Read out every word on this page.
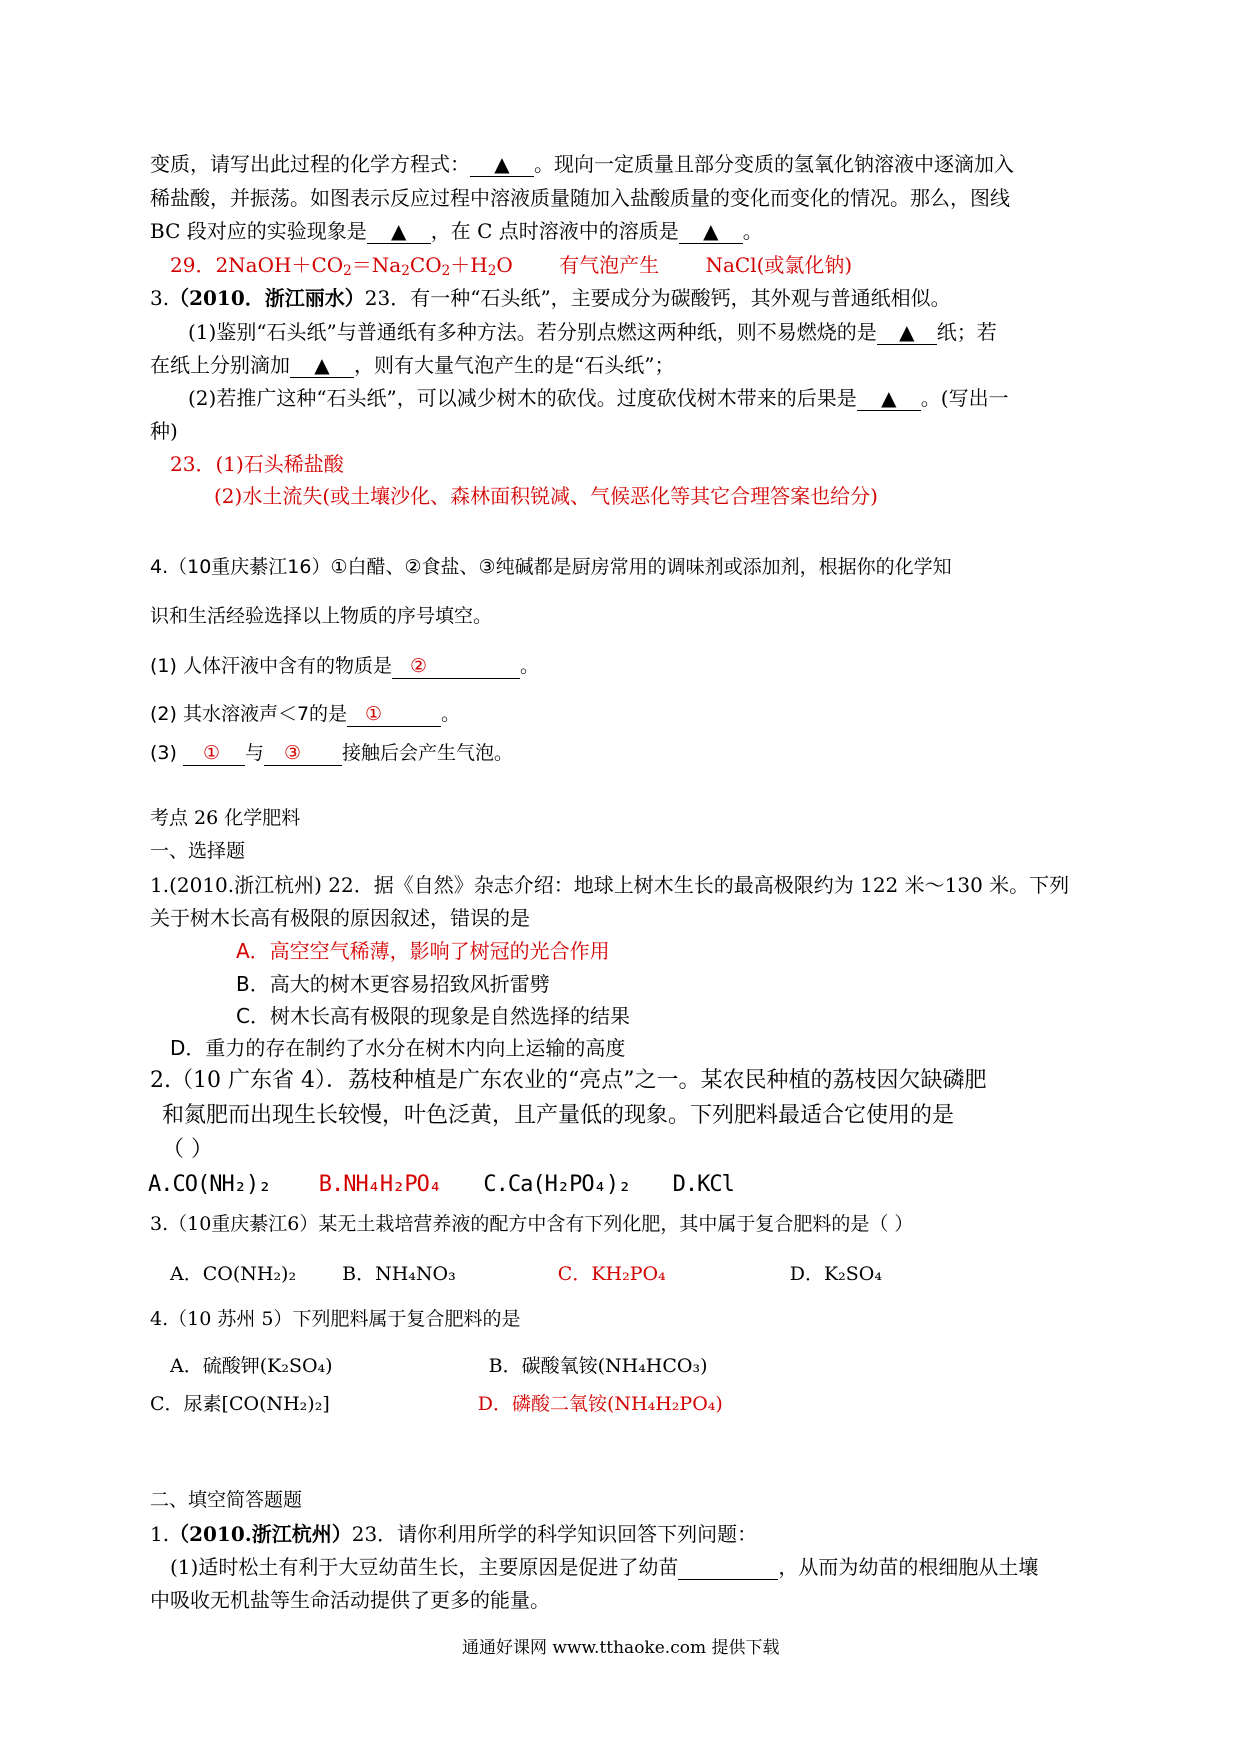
变质，请写出此过程的化学方程式： ▲ 。现向一定质量且部分变质的氢氧化钠溶液中逐滴加入
稀盐酸，并振荡。如图表示反应过程中溶液质量随加入盐酸质量的变化而变化的情况。那么，图线
BC 段对应的实验现象是 ▲ ，在 C 点时溶液中的溶质是 ▲ 。
29．$2NaOH+CO_2=Na_2CO_2+H_2O$ 有气泡产生 NaCl(或氯化钠)
3.（2010．浙江丽水）23．有一种“石头纸”，主要成分为碳酸钙，其外观与普通纸相似。
(1)鉴别“石头纸”与普通纸有多种方法。若分别点燃这两种纸，则不易燃烧的是 ▲ 纸；若
在纸上分别滴加 ▲ ，则有大量气泡产生的是“石头纸”；
(2)若推广这种“石头纸”，可以减少树木的砍伐。过度砍伐树木带来的后果是 ▲ 。(写出一
种)
23．(1)石头稀盐酸
(2)水土流失(或土壤沙化、森林面积锐减、气候恶化等其它合理答案也给分)
4.（10重庆綦江16）①白醋、②食盐、③纯碱都是厨房常用的调味剂或添加剂，根据你的化学知
识和生活经验选择以上物质的序号填空。
(1) 人体汗液中含有的物质是 ②	。
(2) 其水溶液声＜7的是 ①	。
(3) ① 与 ③ 接触后会产生气泡。
考点 26 化学肥料
一、选择题
1.(2010.浙江杭州) 22．据《自然》杂志介绍：地球上树木生长的最高极限约为 122 米～130 米。下列
关于树木长高有极限的原因叙述，错误的是
A．高空空气稀薄，影响了树冠的光合作用
B．高大的树木更容易招致风折雷劈
C．树木长高有极限的现象是自然选择的结果
D．重力的存在制约了水分在树木内向上运输的高度
2.（10 广东省 4）．荔枝种植是广东农业的“亮点”之一。某农民种植的荔枝因欠缺磷肥
和氮肥而出现生长较慢，叶色泛黄，且产量低的现象。下列肥料最适合它使用的是
（ ）
A.CO(NH₂)₂ B.NH₄H₂PO₄ C.Ca(H₂PO₄)₂ D.KCl
3.（10重庆綦江6）某无土栽培营养液的配方中含有下列化肥，其中属于复合肥料的是（ ）
A．CO(NH₂)₂ B．NH₄NO₃	C．KH₂PO₄	D．K₂SO₄
4.（10 苏州 5）下列肥料属于复合肥料的是
A．硫酸钾(K₂SO₄)	B．碳酸氧铵(NH₄HCO₃)
C．尿素[CO(NH₂)₂]	D．磷酸二氧铵(NH₄H₂PO₄)
二、填空简答题题
1.（2010.浙江杭州）23．请你利用所学的科学知识回答下列问题：
(1)适时松土有利于大豆幼苗生长，主要原因是促进了幼苗	，从而为幼苗的根细胞从土壤
中吸收无机盐等生命活动提供了更多的能量。
通通好课网 www.tthaoke.com 提供下载
